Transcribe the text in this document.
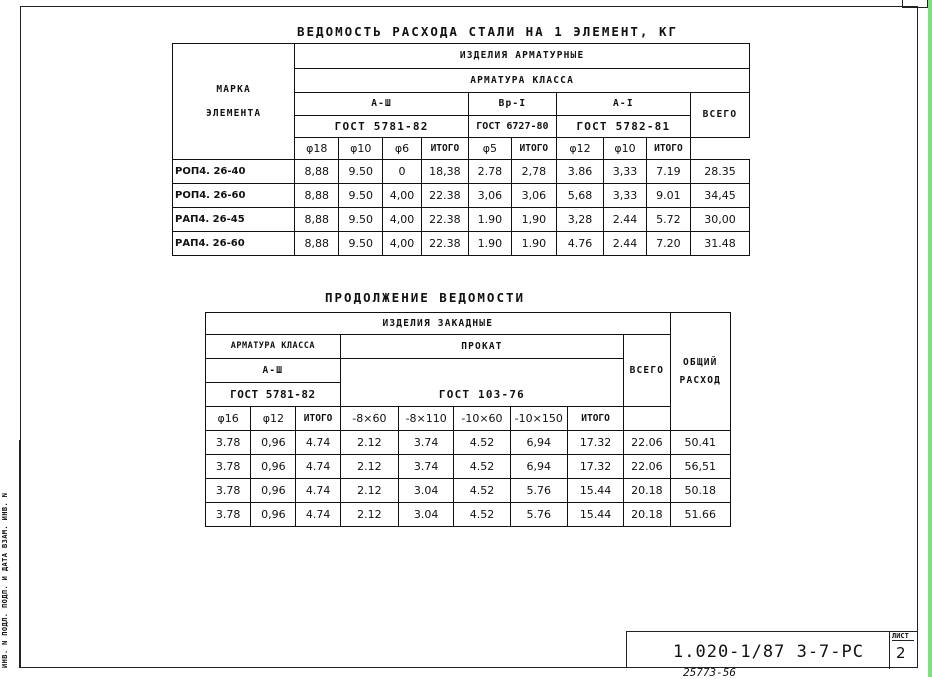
ВЕДОМОСТЬ РАСХОДА СТАЛИ НА 1 ЭЛЕМЕНТ, КГ
МАРКА
ЭЛЕМЕНТА	ИЗДЕЛИЯ АРМАТУРНЫЕ									
	АРМАТУРА КЛАССА									
	А-Ш				Вр-I		А-I			ВСЕГО
	ГОСТ 5781-82				ГОСТ 6727-80		ГОСТ 5782-81			
	φ18	φ10	φ6	ИТОГО	φ5	ИТОГО	φ12	φ10	ИТОГО	
РОП4. 26-40	8,88	9.50	0	18,38	2.78	2,78	3.86	3,33	7.19	28.35
РОП4. 26-60	8,88	9.50	4,00	22.38	3,06	3,06	5,68	3,33	9.01	34,45
РАП4. 26-45	8,88	9.50	4,00	22.38	1.90	1,90	3,28	2.44	5.72	30,00
РАП4. 26-60	8,88	9.50	4,00	22.38	1.90	1.90	4.76	2.44	7.20	31.48
ПРОДОЛЖЕНИЕ ВЕДОМОСТИ
ИЗДЕЛИЯ ЗАКАДНЫЕ									ОБЩИЙ
РАСХОД

АРМАТУРА КЛАССА			ПРОКАТ					ВСЕГО	
А-Ш									
ГОСТ 5781-82			ГОСТ 103-76						
φ16	φ12	ИТОГО	-8×60	-8×110	-10×60	-10×150	ИТОГО		
3.78	0,96	4.74	2.12	3.74	4.52	6,94	17.32	22.06	50.41
3.78	0,96	4.74	2.12	3.74	4.52	6,94	17.32	22.06	56,51
3.78	0,96	4.74	2.12	3.04	4.52	5.76	15.44	20.18	50.18
3.78	0,96	4.74	2.12	3.04	4.52	5.76	15.44	20.18	51.66
ИНВ. N ПОДЛ. ПОДП. И ДАТА ВЗАМ. ИНВ. N	1.020-1/87 3-7-РС
ЛИСТ
2
25773-56
